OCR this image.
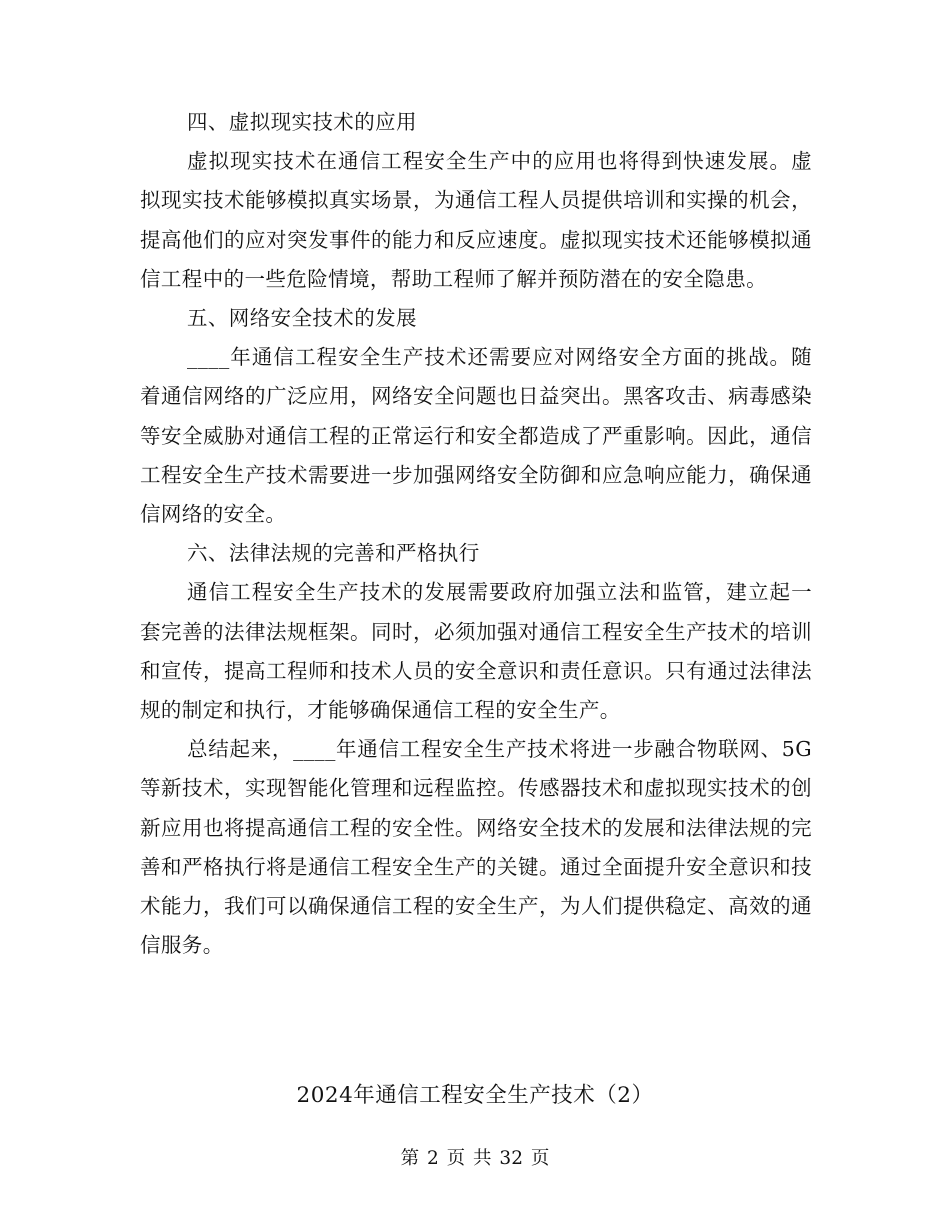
四、虚拟现实技术的应用

虚拟现实技术在通信工程安全生产中的应用也将得到快速发展。虚拟现实技术能够模拟真实场景，为通信工程人员提供培训和实操的机会，提高他们的应对突发事件的能力和反应速度。虚拟现实技术还能够模拟通信工程中的一些危险情境，帮助工程师了解并预防潜在的安全隐患。

五、网络安全技术的发展

____年通信工程安全生产技术还需要应对网络安全方面的挑战。随着通信网络的广泛应用，网络安全问题也日益突出。黑客攻击、病毒感染等安全威胁对通信工程的正常运行和安全都造成了严重影响。因此，通信工程安全生产技术需要进一步加强网络安全防御和应急响应能力，确保通信网络的安全。

六、法律法规的完善和严格执行

通信工程安全生产技术的发展需要政府加强立法和监管，建立起一套完善的法律法规框架。同时，必须加强对通信工程安全生产技术的培训和宣传，提高工程师和技术人员的安全意识和责任意识。只有通过法律法规的制定和执行，才能够确保通信工程的安全生产。

总结起来，____年通信工程安全生产技术将进一步融合物联网、5G等新技术，实现智能化管理和远程监控。传感器技术和虚拟现实技术的创新应用也将提高通信工程的安全性。网络安全技术的发展和法律法规的完善和严格执行将是通信工程安全生产的关键。通过全面提升安全意识和技术能力，我们可以确保通信工程的安全生产，为人们提供稳定、高效的通信服务。

2024年通信工程安全生产技术（2）
第 2 页 共 32 页
